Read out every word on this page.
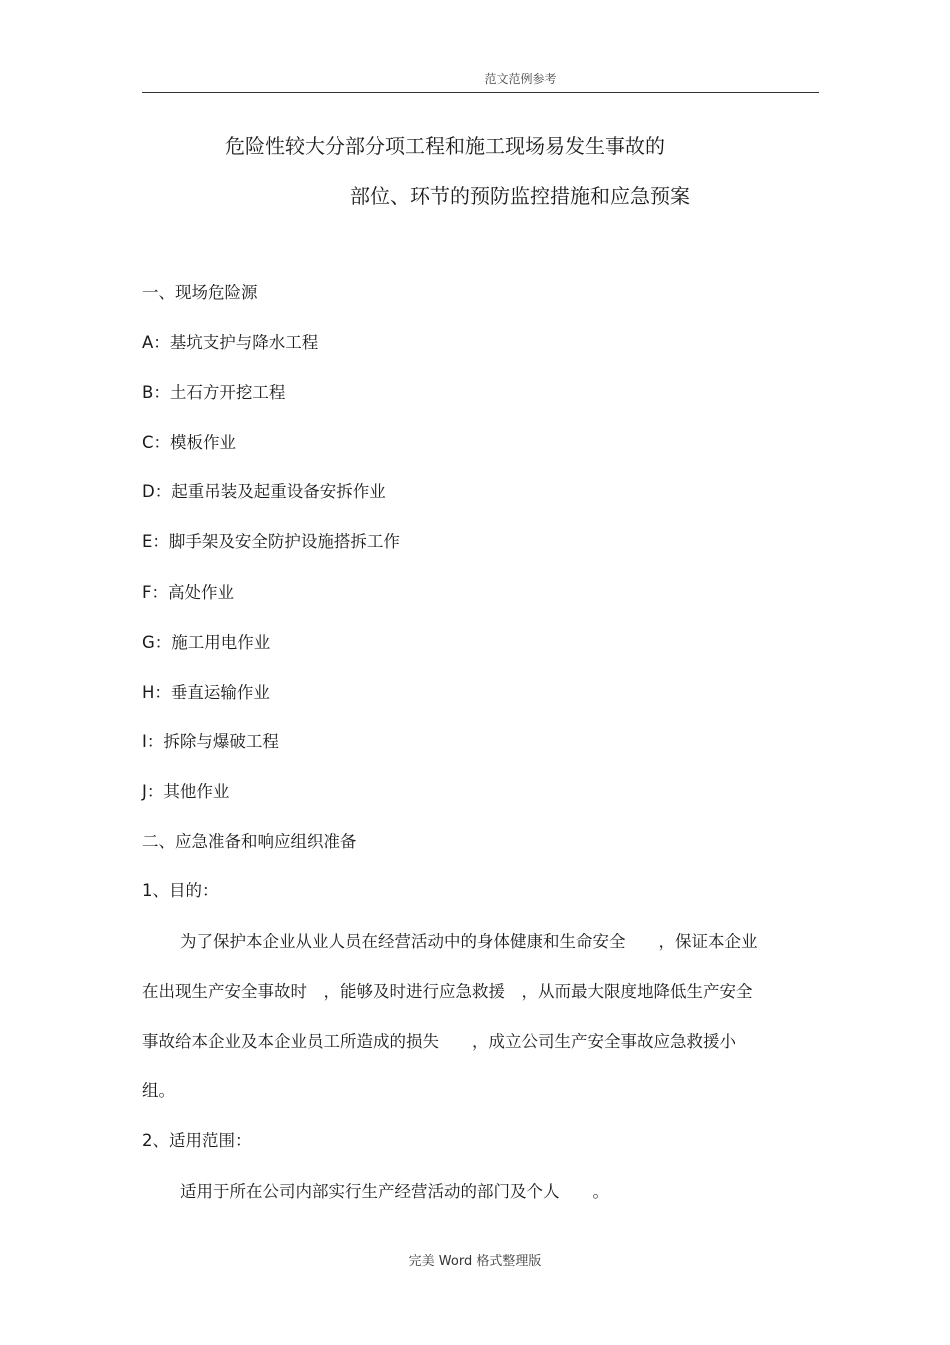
范文范例参考
危险性较大分部分项工程和施工现场易发生事故的
部位、环节的预防监控措施和应急预案
一、现场危险源
A：基坑支护与降水工程
B：土石方开挖工程
C：模板作业
D：起重吊装及起重设备安拆作业
E：脚手架及安全防护设施搭拆工作
F：高处作业
G：施工用电作业
H：垂直运输作业
I：拆除与爆破工程
J：其他作业
二、应急准备和响应组织准备
1、目的：
为了保护本企业从业人员在经营活动中的身体健康和生命安全　　，保证本企业
在出现生产安全事故时　，能够及时进行应急救援　，从而最大限度地降低生产安全
事故给本企业及本企业员工所造成的损失　　，成立公司生产安全事故应急救援小
组。
2、适用范围：
适用于所在公司内部实行生产经营活动的部门及个人　　。
完美 Word 格式整理版
